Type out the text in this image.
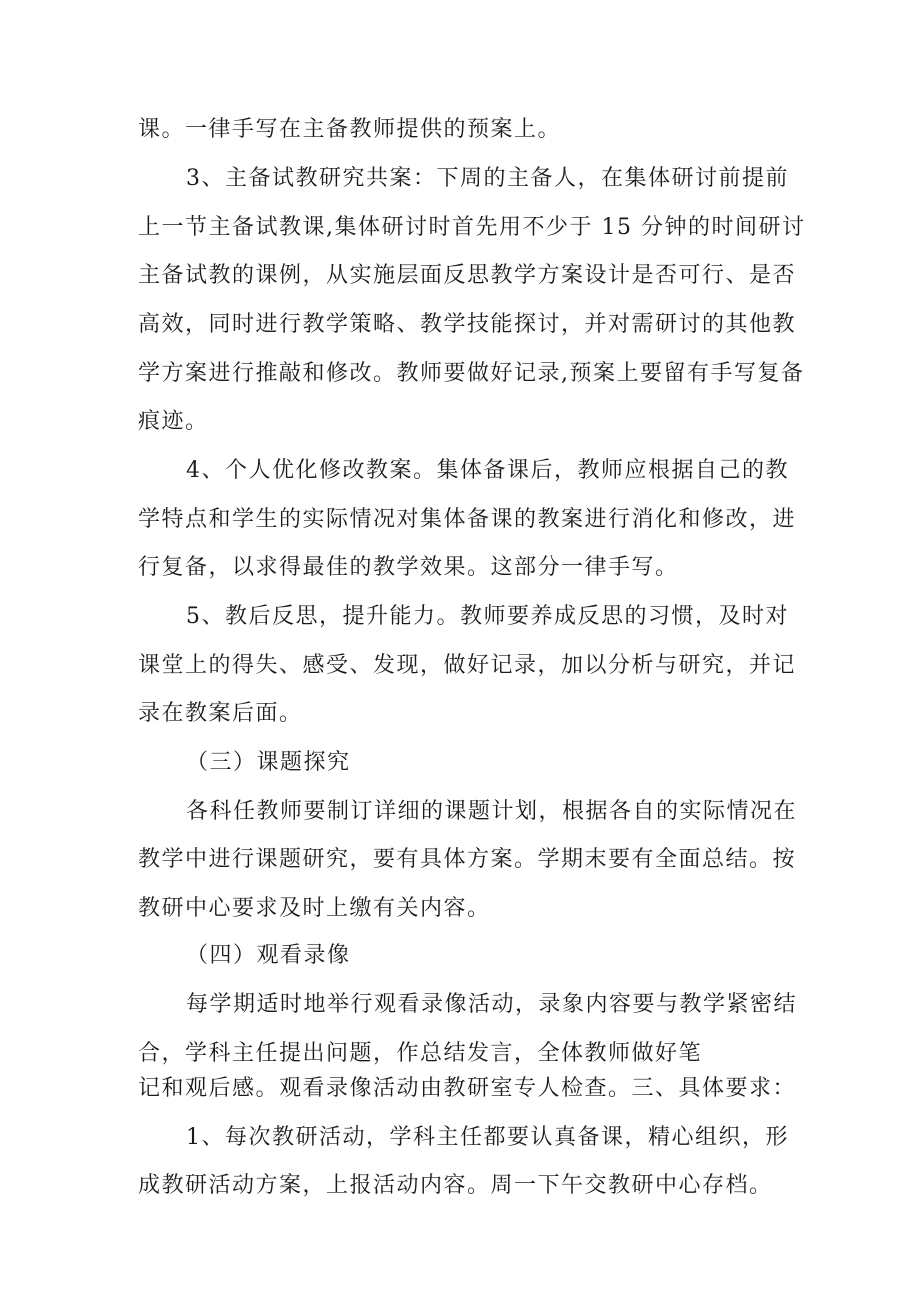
课。一律手写在主备教师提供的预案上。
3、主备试教研究共案：下周的主备人，在集体研讨前提前
上一节主备试教课,集体研讨时首先用不少于 15 分钟的时间研讨
主备试教的课例，从实施层面反思教学方案设计是否可行、是否
高效，同时进行教学策略、教学技能探讨，并对需研讨的其他教
学方案进行推敲和修改。教师要做好记录,预案上要留有手写复备
痕迹。
4、个人优化修改教案。集体备课后，教师应根据自己的教
学特点和学生的实际情况对集体备课的教案进行消化和修改，进
行复备，以求得最佳的教学效果。这部分一律手写。
5、教后反思，提升能力。教师要养成反思的习惯，及时对
课堂上的得失、感受、发现，做好记录，加以分析与研究，并记
录在教案后面。
（三）课题探究
各科任教师要制订详细的课题计划，根据各自的实际情况在
教学中进行课题研究，要有具体方案。学期末要有全面总结。按
教研中心要求及时上缴有关内容。
（四）观看录像
每学期适时地举行观看录像活动，录象内容要与教学紧密结
合，学科主任提出问题，作总结发言，全体教师做好笔
记和观后感。观看录像活动由教研室专人检查。三、具体要求：
1、每次教研活动，学科主任都要认真备课，精心组织，形
成教研活动方案，上报活动内容。周一下午交教研中心存档。
